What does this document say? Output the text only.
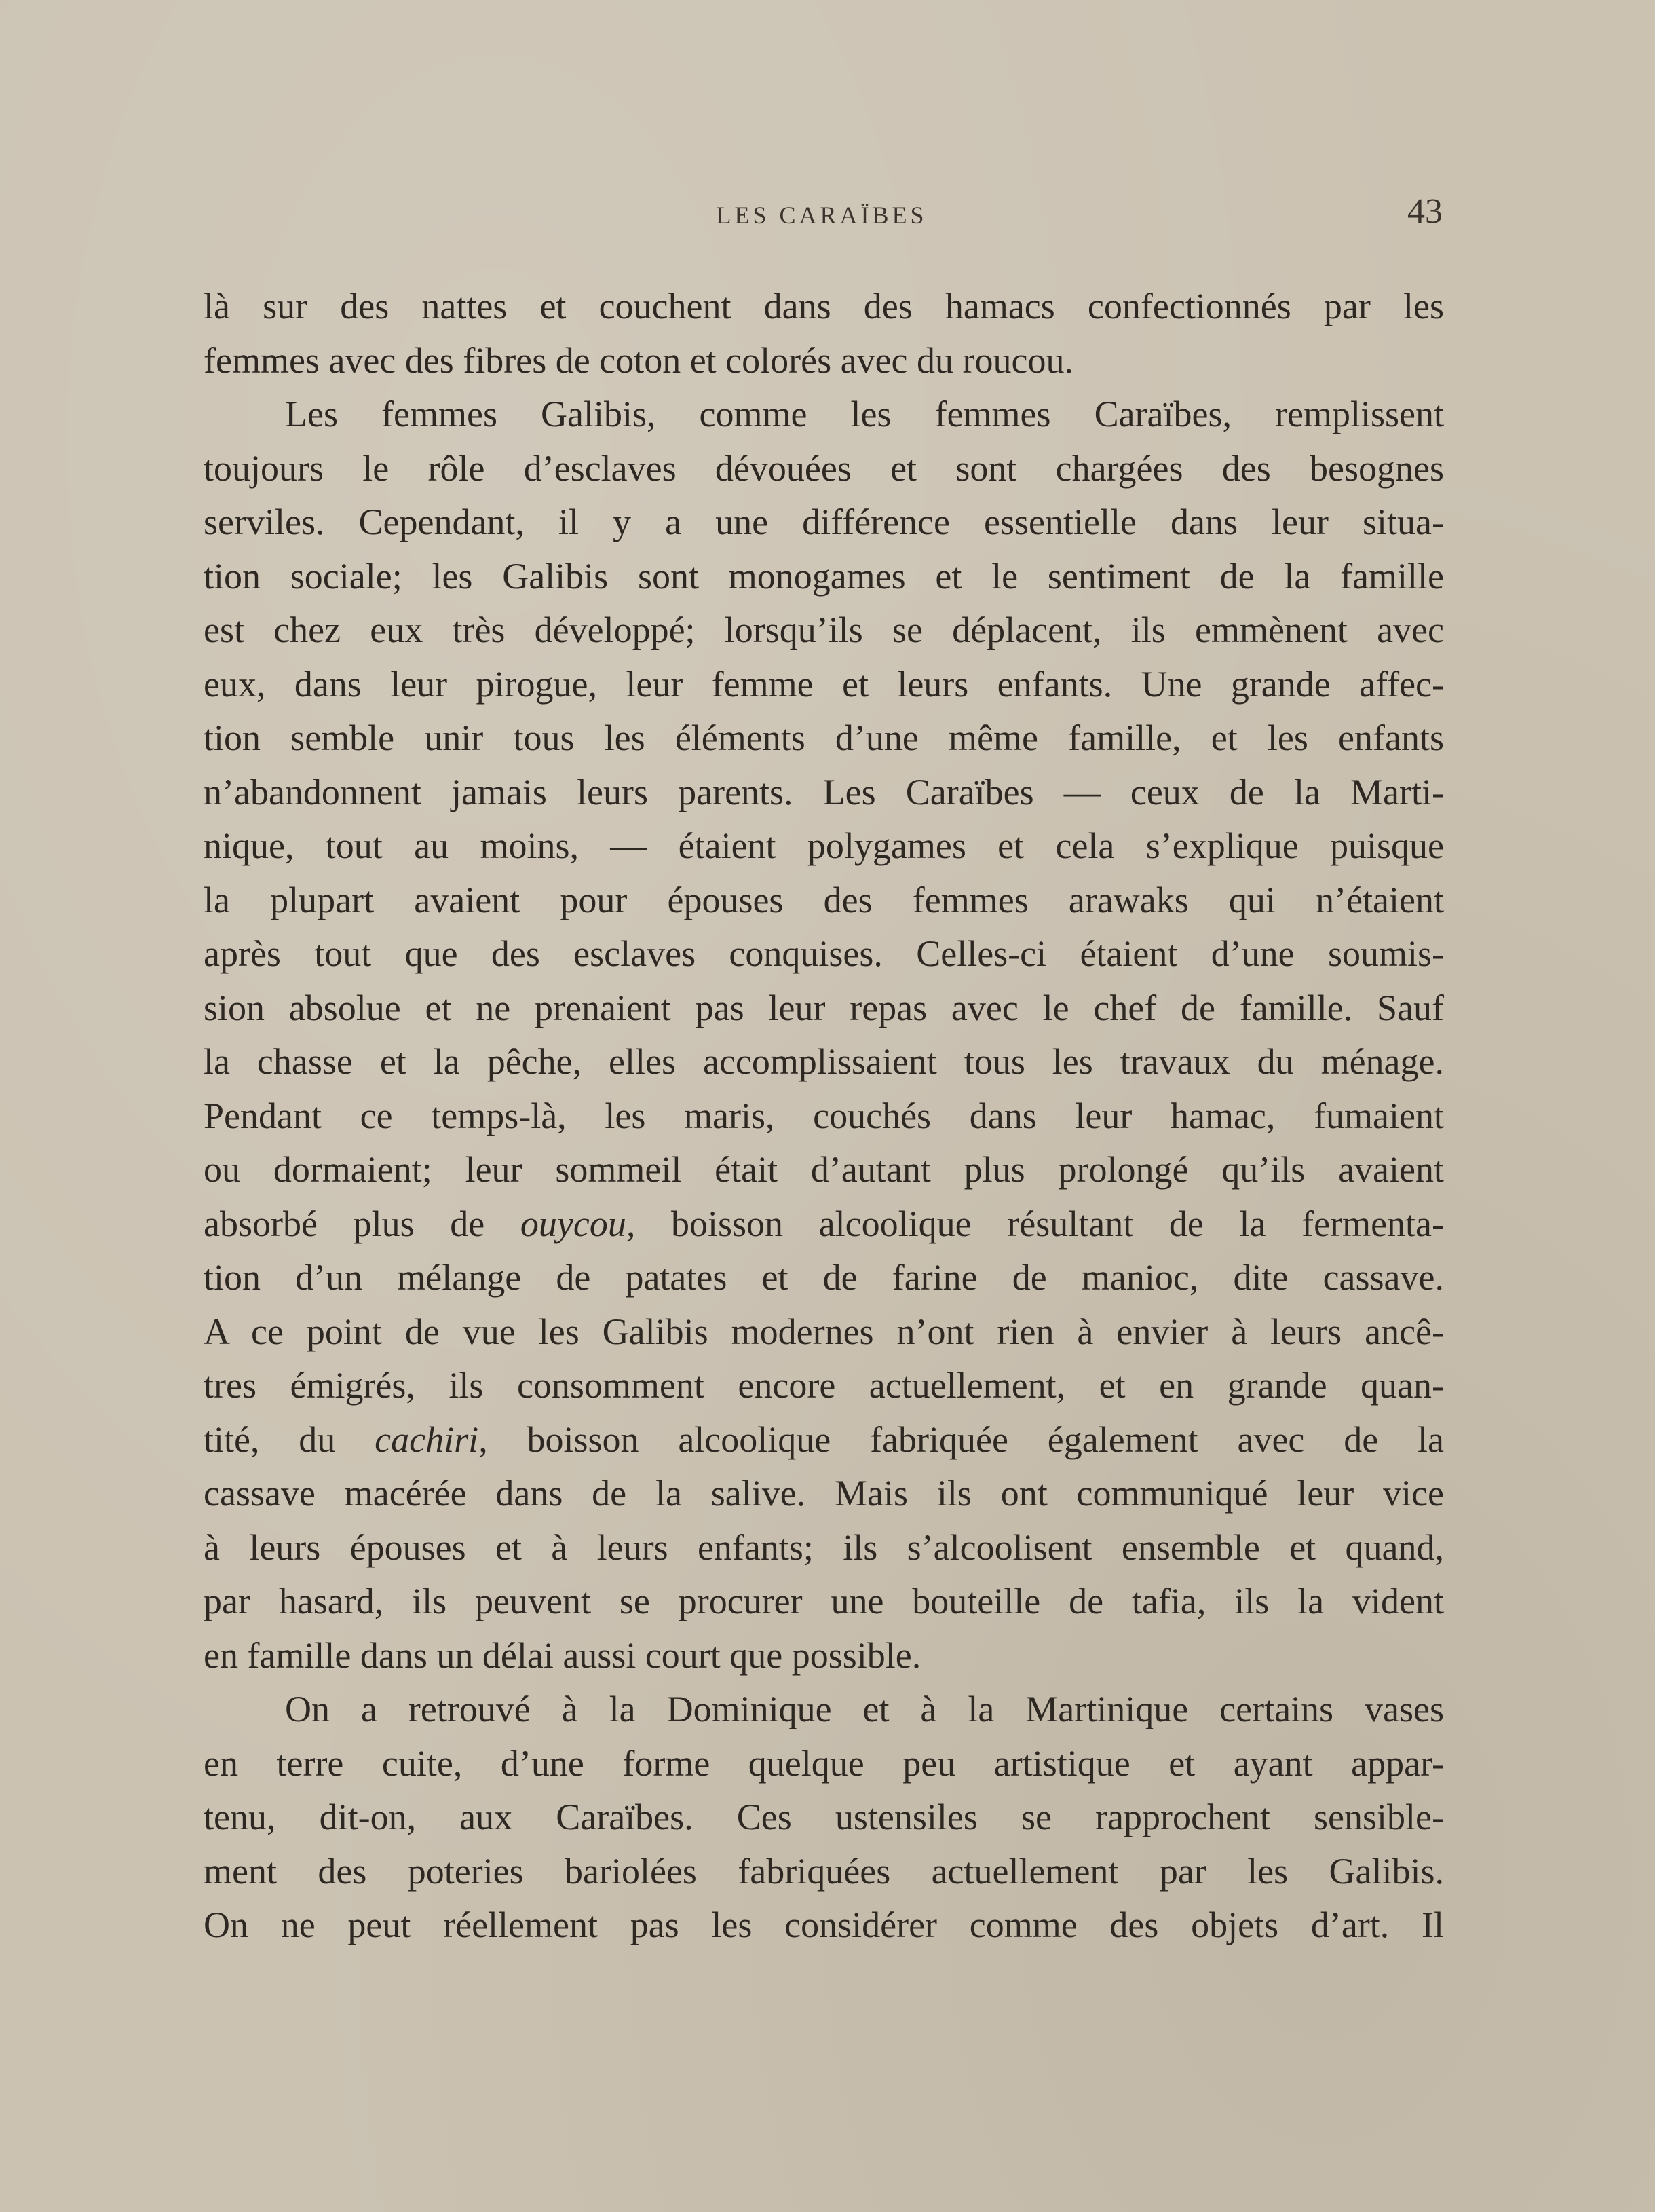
LES CARAÏBES	43
là sur des nattes et couchent dans des hamacs confectionnés par les
femmes avec des fibres de coton et colorés avec du roucou.
Les femmes Galibis, comme les femmes Caraïbes, remplissent
toujours le rôle d’esclaves dévouées et sont chargées des besognes
serviles. Cependant, il y a une différence essentielle dans leur situa-
tion sociale; les Galibis sont monogames et le sentiment de la famille
est chez eux très développé; lorsqu’ils se déplacent, ils emmènent avec
eux, dans leur pirogue, leur femme et leurs enfants. Une grande affec-
tion semble unir tous les éléments d’une même famille, et les enfants
n’abandonnent jamais leurs parents. Les Caraïbes — ceux de la Marti-
nique, tout au moins, — étaient polygames et cela s’explique puisque
la plupart avaient pour épouses des femmes arawaks qui n’étaient
après tout que des esclaves conquises. Celles-ci étaient d’une soumis-
sion absolue et ne prenaient pas leur repas avec le chef de famille. Sauf
la chasse et la pêche, elles accomplissaient tous les travaux du ménage.
Pendant ce temps-là, les maris, couchés dans leur hamac, fumaient
ou dormaient; leur sommeil était d’autant plus prolongé qu’ils avaient
absorbé plus de ouycou, boisson alcoolique résultant de la fermenta-
tion d’un mélange de patates et de farine de manioc, dite cassave.
A ce point de vue les Galibis modernes n’ont rien à envier à leurs ancê-
tres émigrés, ils consomment encore actuellement, et en grande quan-
tité, du cachiri, boisson alcoolique fabriquée également avec de la
cassave macérée dans de la salive. Mais ils ont communiqué leur vice
à leurs épouses et à leurs enfants; ils s’alcoolisent ensemble et quand,
par hasard, ils peuvent se procurer une bouteille de tafia, ils la vident
en famille dans un délai aussi court que possible.
On a retrouvé à la Dominique et à la Martinique certains vases
en terre cuite, d’une forme quelque peu artistique et ayant appar-
tenu, dit-on, aux Caraïbes. Ces ustensiles se rapprochent sensible-
ment des poteries bariolées fabriquées actuellement par les Galibis.
On ne peut réellement pas les considérer comme des objets d’art. Il
